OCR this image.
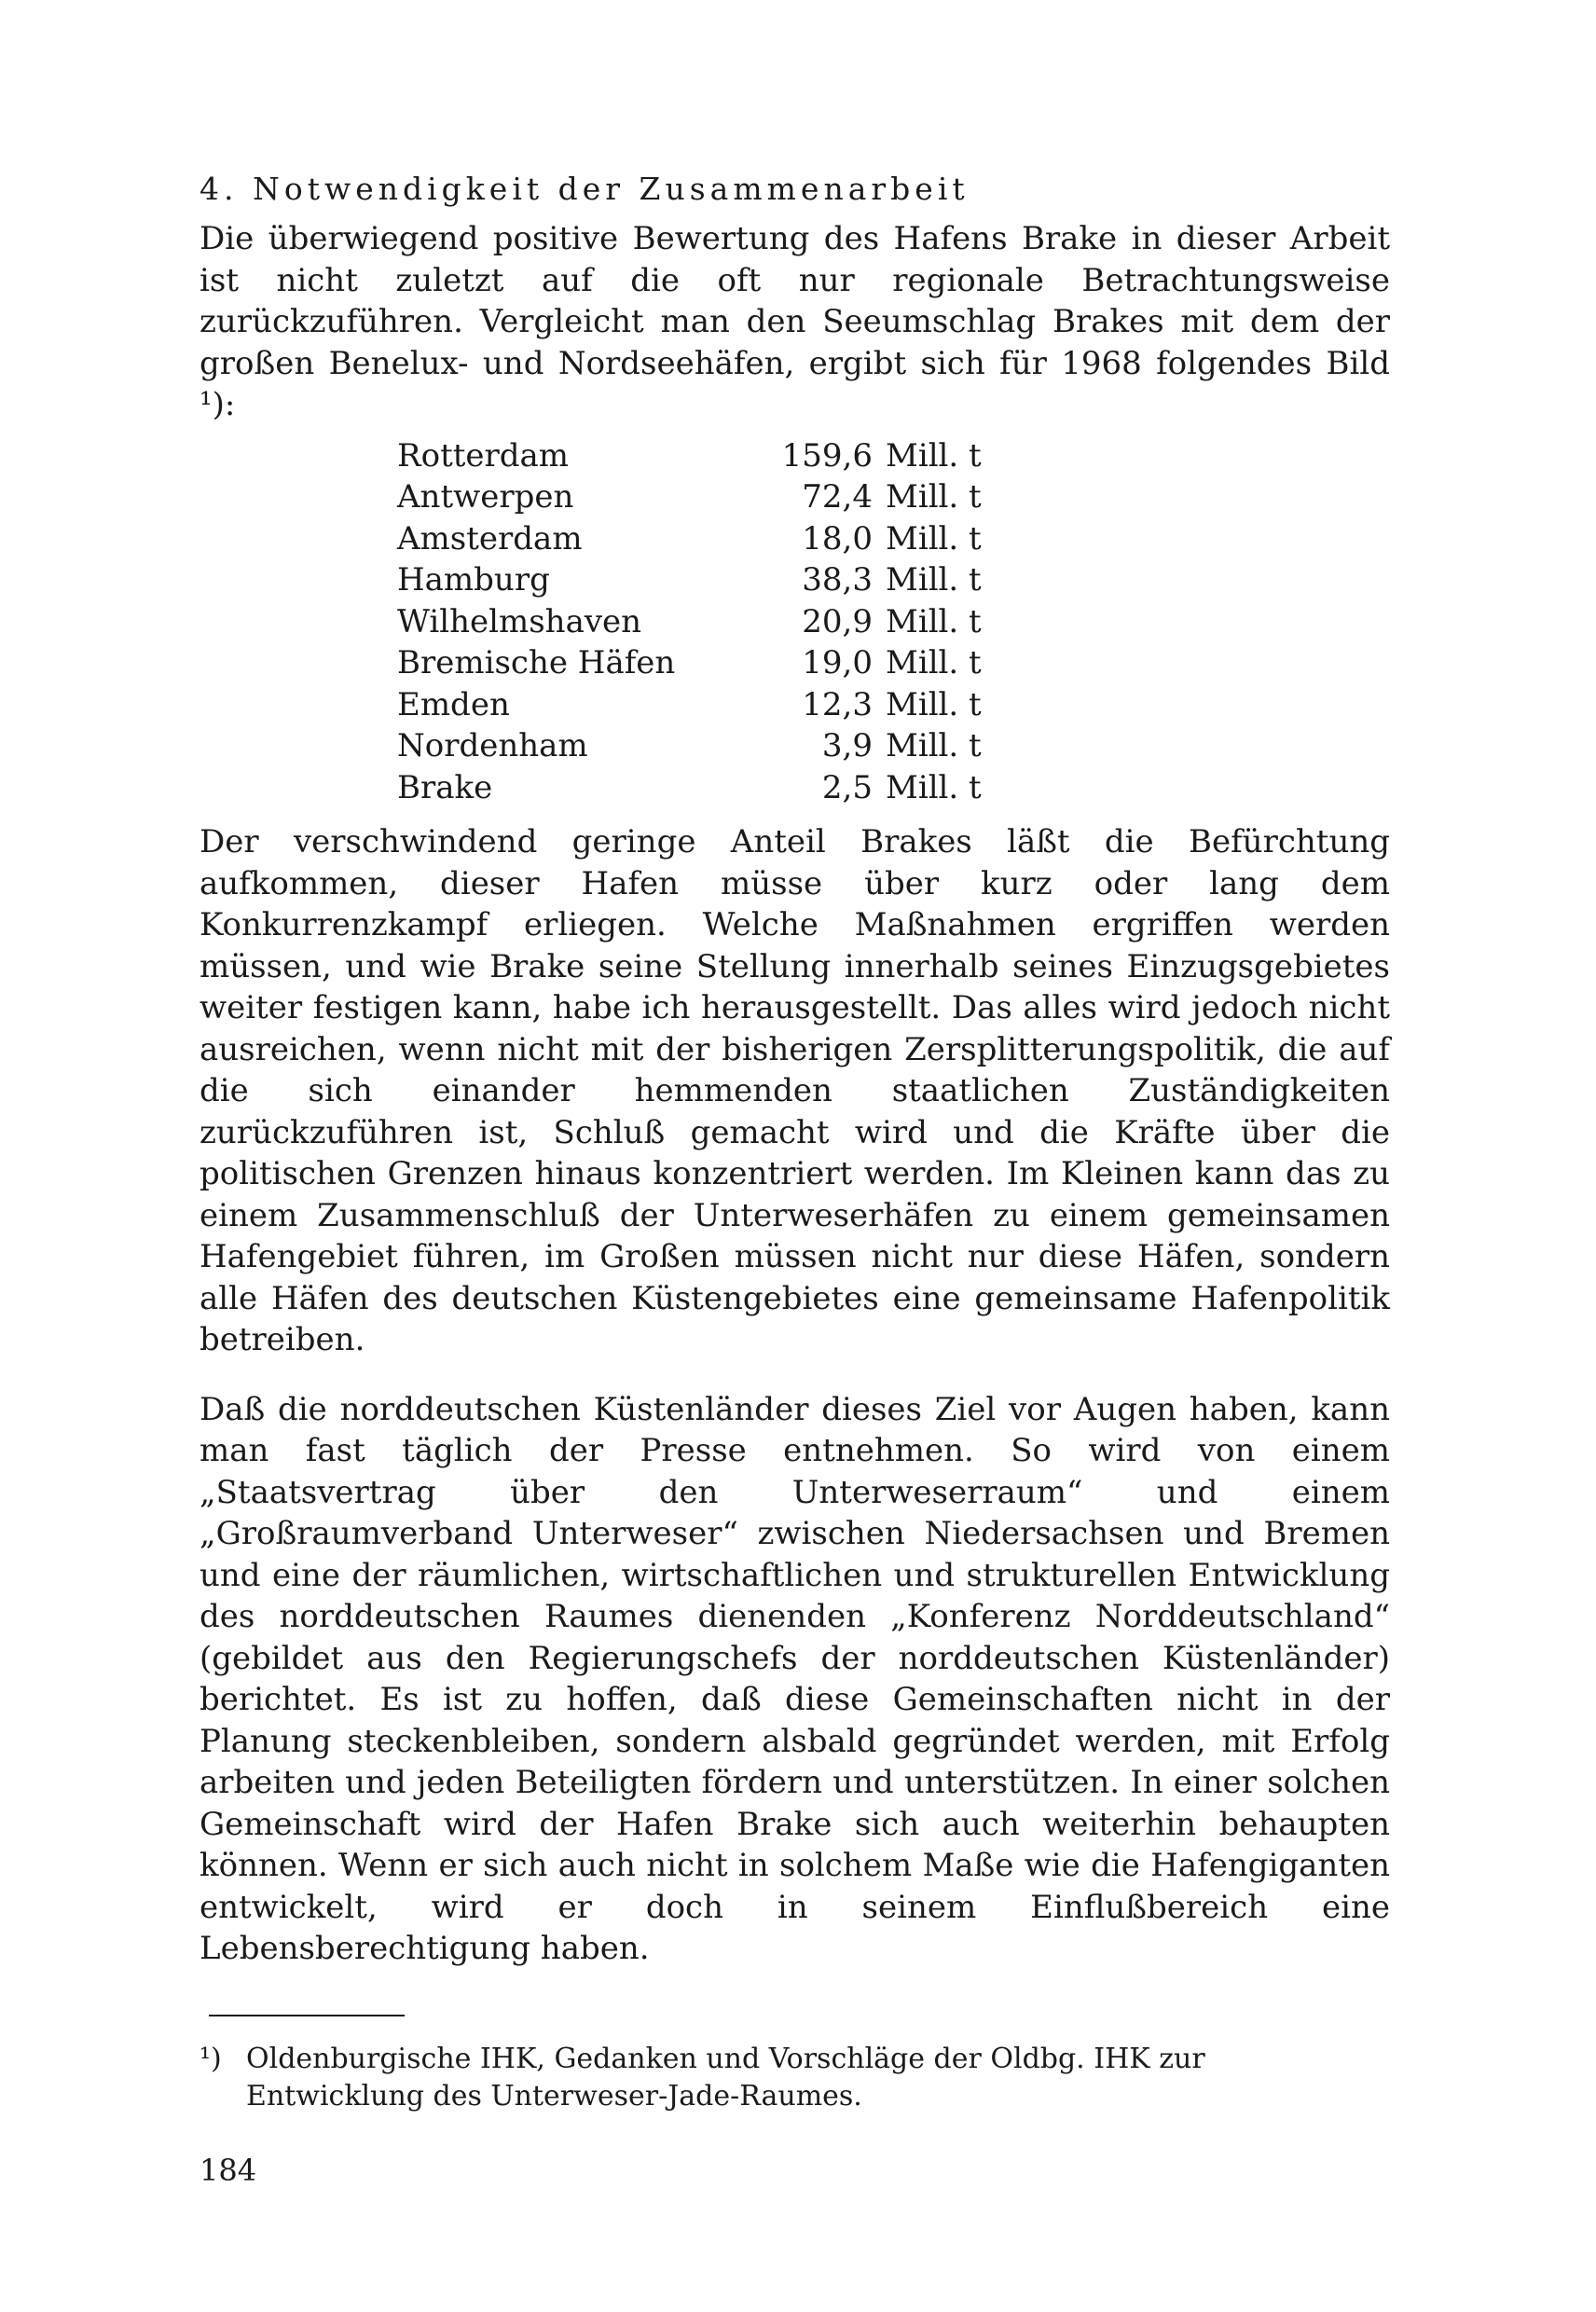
4. Notwendigkeit der Zusammenarbeit

Die überwiegend positive Bewertung des Hafens Brake in dieser Arbeit ist nicht zuletzt auf die oft nur regionale Betrachtungsweise zurückzuführen. Vergleicht man den Seeumschlag Brakes mit dem der großen Benelux- und Nordseehäfen, ergibt sich für 1968 folgendes Bild ¹):

Rotterdam	159,6 Mill. t
Antwerpen	72,4 Mill. t
Amsterdam	18,0 Mill. t
Hamburg	38,3 Mill. t
Wilhelmshaven	20,9 Mill. t
Bremische Häfen	19,0 Mill. t
Emden	12,3 Mill. t
Nordenham	3,9 Mill. t
Brake	2,5 Mill. t

Der verschwindend geringe Anteil Brakes läßt die Befürchtung aufkommen, dieser Hafen müsse über kurz oder lang dem Konkurrenzkampf erliegen. Welche Maßnahmen ergriffen werden müssen, und wie Brake seine Stellung innerhalb seines Einzugsgebietes weiter festigen kann, habe ich herausgestellt. Das alles wird jedoch nicht ausreichen, wenn nicht mit der bisherigen Zersplitterungspolitik, die auf die sich einander hemmenden staatlichen Zuständigkeiten zurückzuführen ist, Schluß gemacht wird und die Kräfte über die politischen Grenzen hinaus konzentriert werden. Im Kleinen kann das zu einem Zusammenschluß der Unterweserhäfen zu einem gemeinsamen Hafengebiet führen, im Großen müssen nicht nur diese Häfen, sondern alle Häfen des deutschen Küstengebietes eine gemeinsame Hafenpolitik betreiben.

Daß die norddeutschen Küstenländer dieses Ziel vor Augen haben, kann man fast täglich der Presse entnehmen. So wird von einem „Staatsvertrag über den Unterweserraum“ und einem „Großraumverband Unterweser“ zwischen Niedersachsen und Bremen und eine der räumlichen, wirtschaftlichen und strukturellen Entwicklung des norddeutschen Raumes dienenden „Konferenz Norddeutschland“ (gebildet aus den Regierungschefs der norddeutschen Küstenländer) berichtet. Es ist zu hoffen, daß diese Gemeinschaften nicht in der Planung steckenbleiben, sondern alsbald gegründet werden, mit Erfolg arbeiten und jeden Beteiligten fördern und unterstützen. In einer solchen Gemeinschaft wird der Hafen Brake sich auch weiterhin behaupten können. Wenn er sich auch nicht in solchem Maße wie die Hafengiganten entwickelt, wird er doch in seinem Einflußbereich eine Lebensberechtigung haben.

¹) Oldenburgische IHK, Gedanken und Vorschläge der Oldbg. IHK zur Entwicklung des Unterweser-Jade-Raumes.
184
